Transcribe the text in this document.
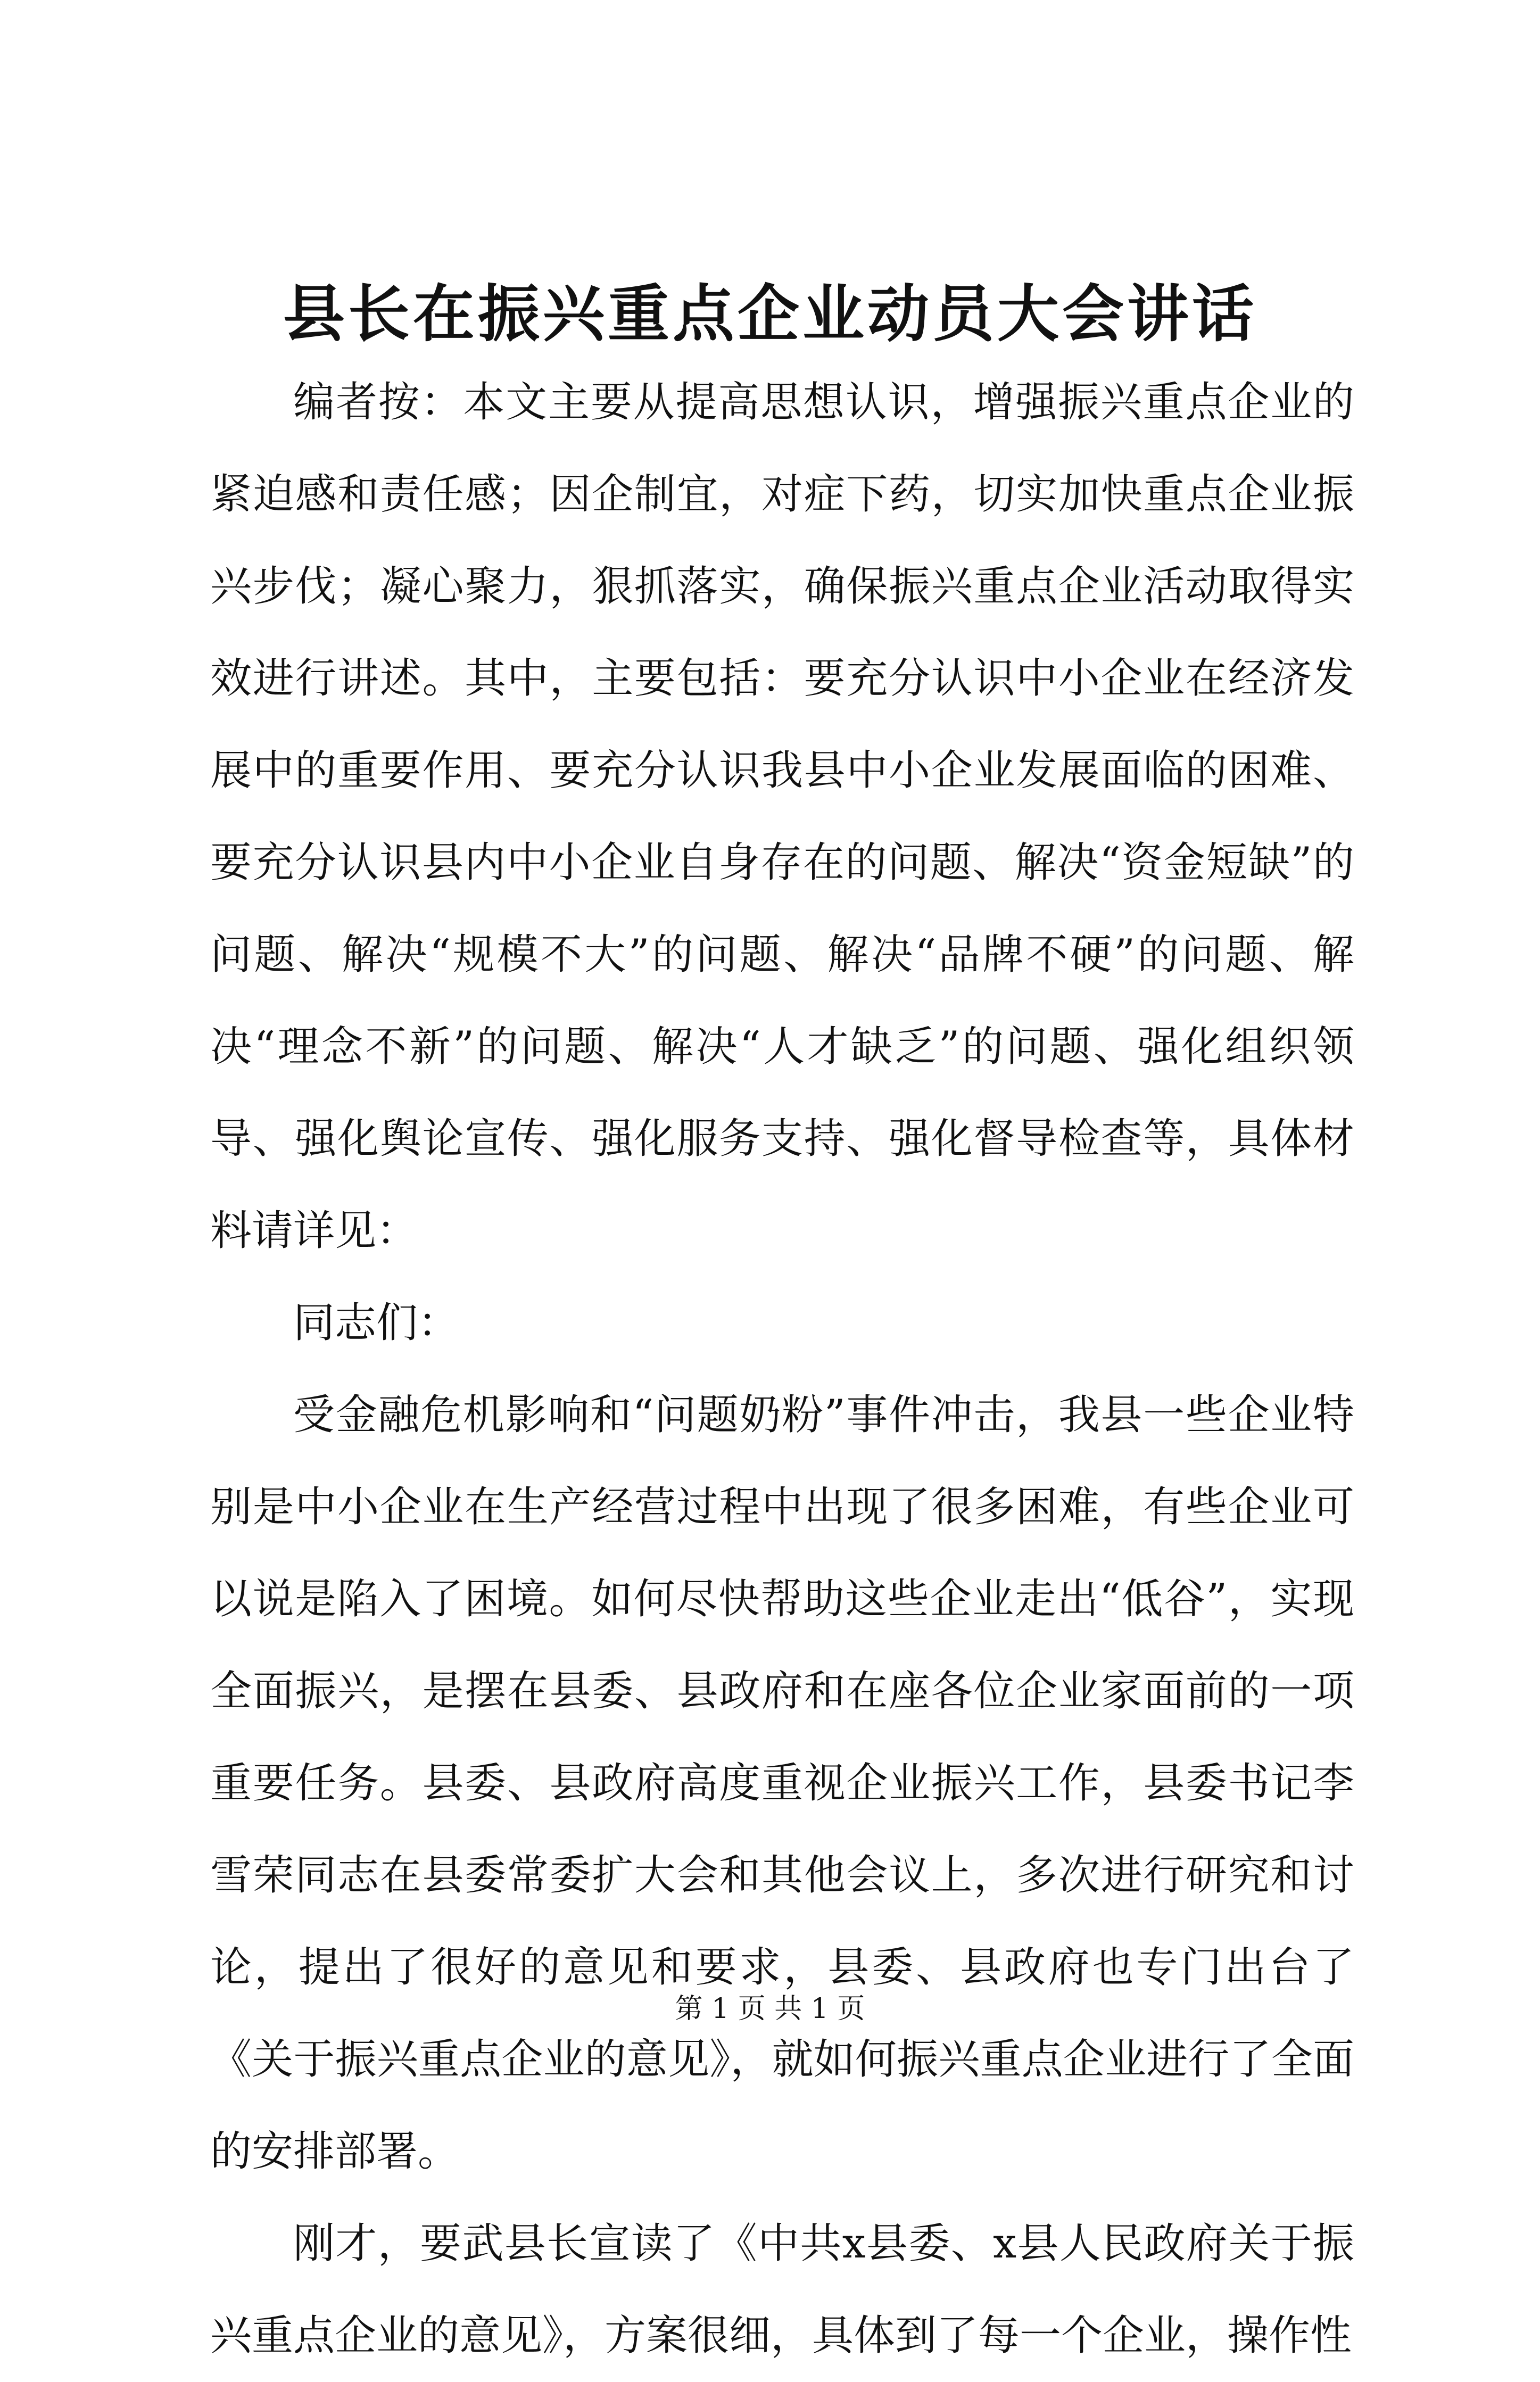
县长在振兴重点企业动员大会讲话

编者按：本文主要从提高思想认识，增强振兴重点企业的紧迫感和责任感；因企制宜，对症下药，切实加快重点企业振兴步伐；凝心聚力，狠抓落实，确保振兴重点企业活动取得实效进行讲述。其中，主要包括：要充分认识中小企业在经济发展中的重要作用、要充分认识我县中小企业发展面临的困难、要充分认识县内中小企业自身存在的问题、解决“资金短缺”的问题、解决“规模不大”的问题、解决“品牌不硬”的问题、解决“理念不新”的问题、解决“人才缺乏”的问题、强化组织领导、强化舆论宣传、强化服务支持、强化督导检查等，具体材料请详见：

同志们：

受金融危机影响和“问题奶粉”事件冲击，我县一些企业特别是中小企业在生产经营过程中出现了很多困难，有些企业可以说是陷入了困境。如何尽快帮助这些企业走出“低谷”，实现全面振兴，是摆在县委、县政府和在座各位企业家面前的一项重要任务。县委、县政府高度重视企业振兴工作，县委书记李雪荣同志在县委常委扩大会和其他会议上，多次进行研究和讨论，提出了很好的意见和要求，县委、县政府也专门出台了《关于振兴重点企业的意见》，就如何振兴重点企业进行了全面的安排部署。

刚才，要武县长宣读了《中共x县委、x县人民政府关于振兴重点企业的意见》，方案很细，具体到了每一个企业，操作性

第 1 页 共 1 页
